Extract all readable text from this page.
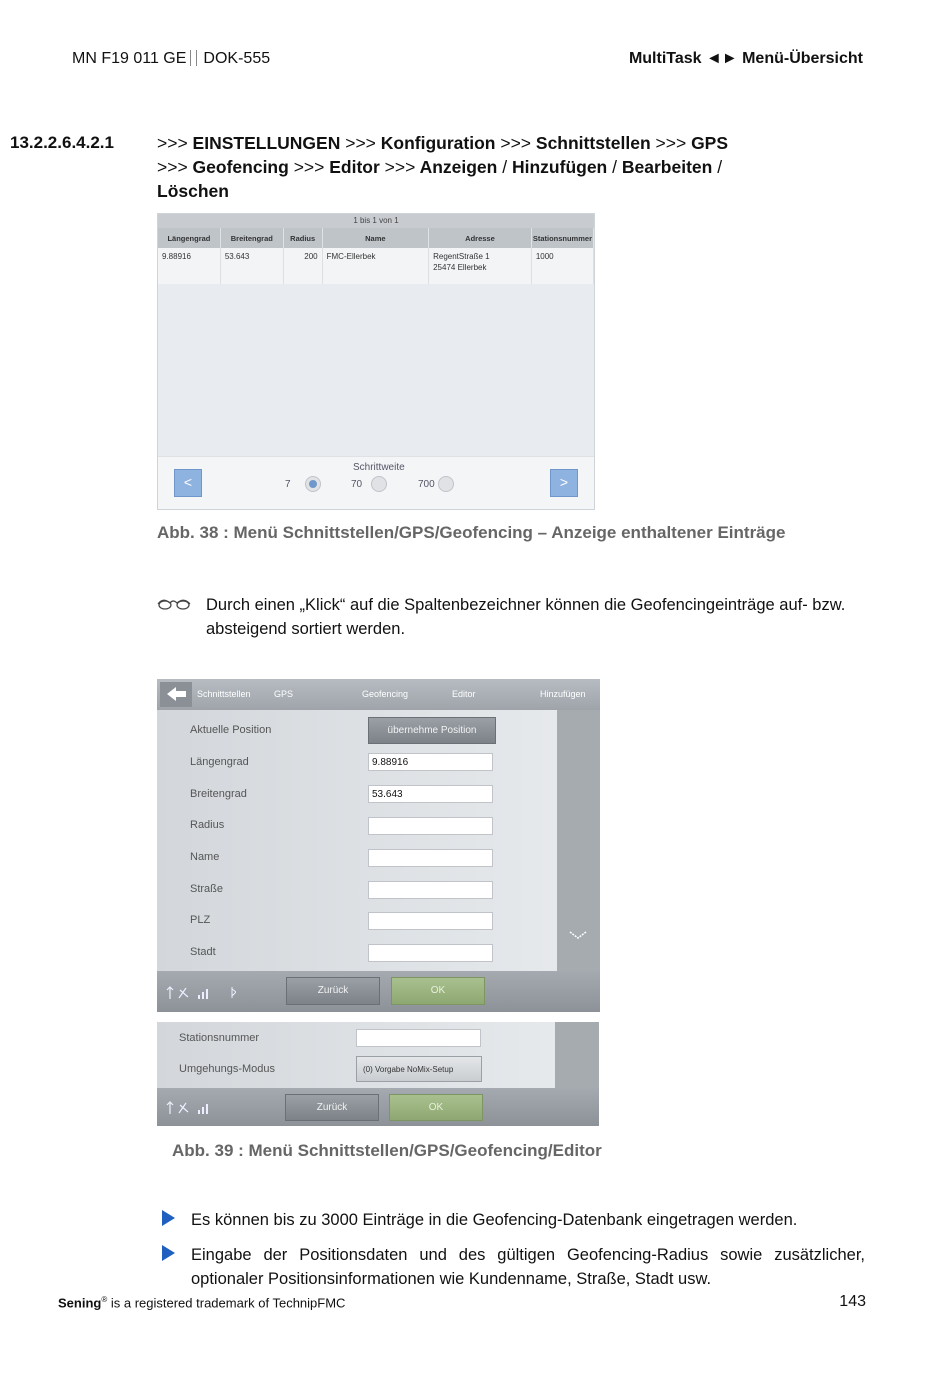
MN F19 011 GE DOK-555	MultiTask ◄► Menü-Übersicht
13.2.2.6.4.2.1 >>> EINSTELLUNGEN >>> Konfiguration >>> Schnittstellen >>> GPS
>>> Geofencing >>> Editor >>> Anzeigen / Hinzufügen / Bearbeiten /
Löschen
1 bis 1 von 1
Längengrad	Breitengrad	Radius	Name	Adresse	Stationsnummer
9.88916	53.643	200	FMC-Ellerbek	RegentStraße 1
25474 Ellerbek	1000
<
Schrittweite
7	70	700	>
Abb. 38 : Menü Schnittstellen/GPS/Geofencing – Anzeige enthaltener Einträge
Durch einen „Klick“ auf die Spaltenbezeichner können die Geofencingeinträge auf- bzw. absteigend sortiert werden.
Schnittstellen	GPS	Geofencing	Editor	Hinzufügen
Aktuelle Position	übernehme Position
Längengrad	9.88916
Breitengrad	53.643
Radius
Name
Straße
PLZ
Stadt
Zurück	OK
Stationsnummer
Umgehungs-Modus	(0) Vorgabe NoMix-Setup
Zurück	OK
Abb. 39 : Menü Schnittstellen/GPS/Geofencing/Editor
Es können bis zu 3000 Einträge in die Geofencing-Datenbank eingetragen werden.
Eingabe der Positionsdaten und des gültigen Geofencing-Radius sowie zusätzlicher, optionaler Positionsinformationen wie Kundenname, Straße, Stadt usw.
Sening® is a registered trademark of TechnipFMC	143
